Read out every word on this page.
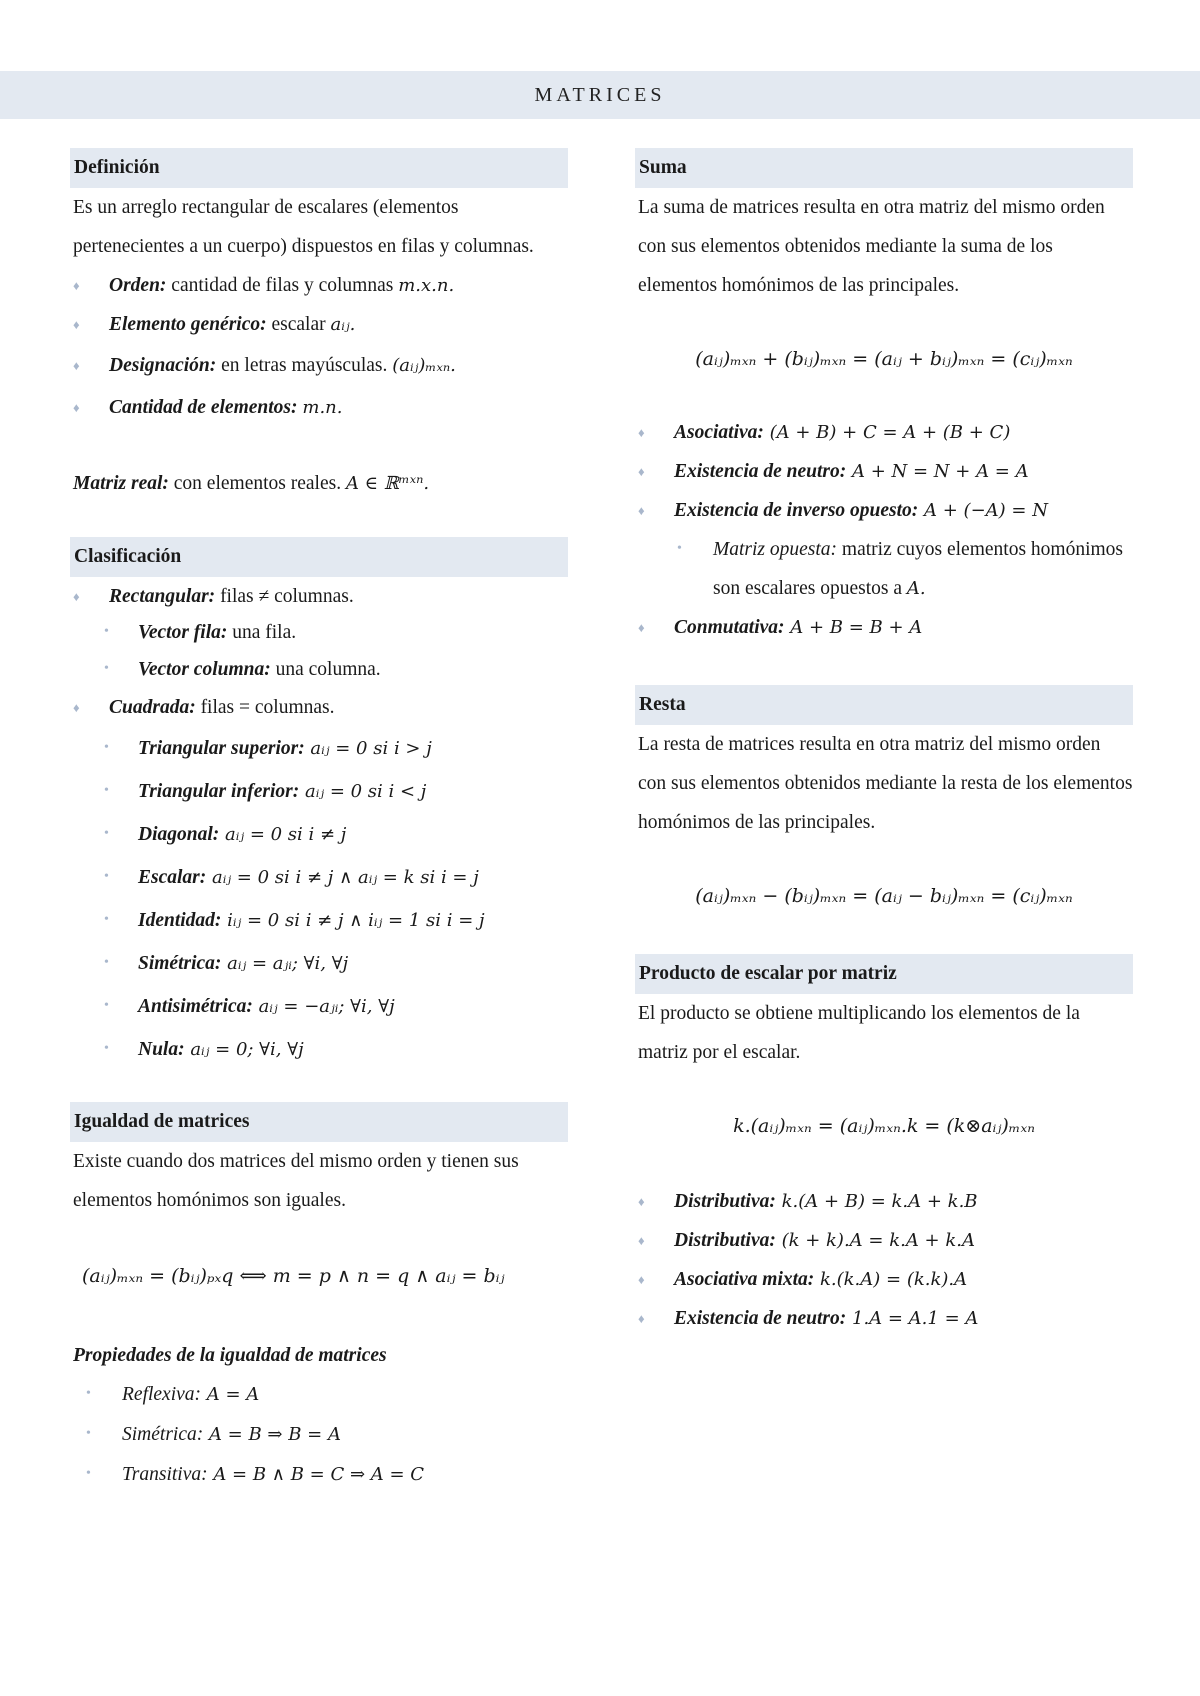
MATRICES
Definición
Es un arreglo rectangular de escalares (elementos pertenecientes a un cuerpo) dispuestos en filas y columnas.
♦ Orden: cantidad de filas y columnas m.x.n.
♦ Elemento genérico: escalar aᵢⱼ.
♦ Designación: en letras mayúsculas. (aᵢⱼ)ₘₓₙ.
♦ Cantidad de elementos: m.n.
Matriz real: con elementos reales. A ∈ ℝᵐˣⁿ.
Clasificación
♦ Rectangular: filas ≠ columnas.
• Vector fila: una fila.
• Vector columna: una columna.
♦ Cuadrada: filas = columnas.
• Triangular superior: aᵢⱼ = 0 si i > j
• Triangular inferior: aᵢⱼ = 0 si i < j
• Diagonal: aᵢⱼ = 0 si i ≠ j
• Escalar: aᵢⱼ = 0 si i ≠ j ∧ aᵢⱼ = k si i = j
• Identidad: iᵢⱼ = 0 si i ≠ j ∧ iᵢⱼ = 1 si i = j
• Simétrica: aᵢⱼ = aⱼᵢ; ∀i, ∀j
• Antisimétrica: aᵢⱼ = −aⱼᵢ; ∀i, ∀j
• Nula: aᵢⱼ = 0; ∀i, ∀j
Igualdad de matrices
Existe cuando dos matrices del mismo orden y tienen sus elementos homónimos son iguales.
(aᵢⱼ)ₘₓₙ = (bᵢⱼ)ₚₓq ⟺ m = p ∧ n = q ∧ aᵢⱼ = bᵢⱼ
Propiedades de la igualdad de matrices
• Reflexiva: A = A
• Simétrica: A = B ⇒ B = A
• Transitiva: A = B ∧ B = C ⇒ A = C
Suma
La suma de matrices resulta en otra matriz del mismo orden con sus elementos obtenidos mediante la suma de los elementos homónimos de las principales.
(aᵢⱼ)ₘₓₙ + (bᵢⱼ)ₘₓₙ = (aᵢⱼ + bᵢⱼ)ₘₓₙ = (cᵢⱼ)ₘₓₙ
♦ Asociativa: (A + B) + C = A + (B + C)
♦ Existencia de neutro: A + N = N + A = A
♦ Existencia de inverso opuesto: A + (−A) = N
• Matriz opuesta: matriz cuyos elementos homónimos son escalares opuestos a A.
♦ Conmutativa: A + B = B + A
Resta
La resta de matrices resulta en otra matriz del mismo orden con sus elementos obtenidos mediante la resta de los elementos homónimos de las principales.
(aᵢⱼ)ₘₓₙ − (bᵢⱼ)ₘₓₙ = (aᵢⱼ − bᵢⱼ)ₘₓₙ = (cᵢⱼ)ₘₓₙ
Producto de escalar por matriz
El producto se obtiene multiplicando los elementos de la matriz por el escalar.
k.(aᵢⱼ)ₘₓₙ = (aᵢⱼ)ₘₓₙ.k = (k⊗aᵢⱼ)ₘₓₙ
♦ Distributiva: k.(A + B) = k.A + k.B
♦ Distributiva: (k + k).A = k.A + k.A
♦ Asociativa mixta: k.(k.A) = (k.k).A
♦ Existencia de neutro: 1.A = A.1 = A
